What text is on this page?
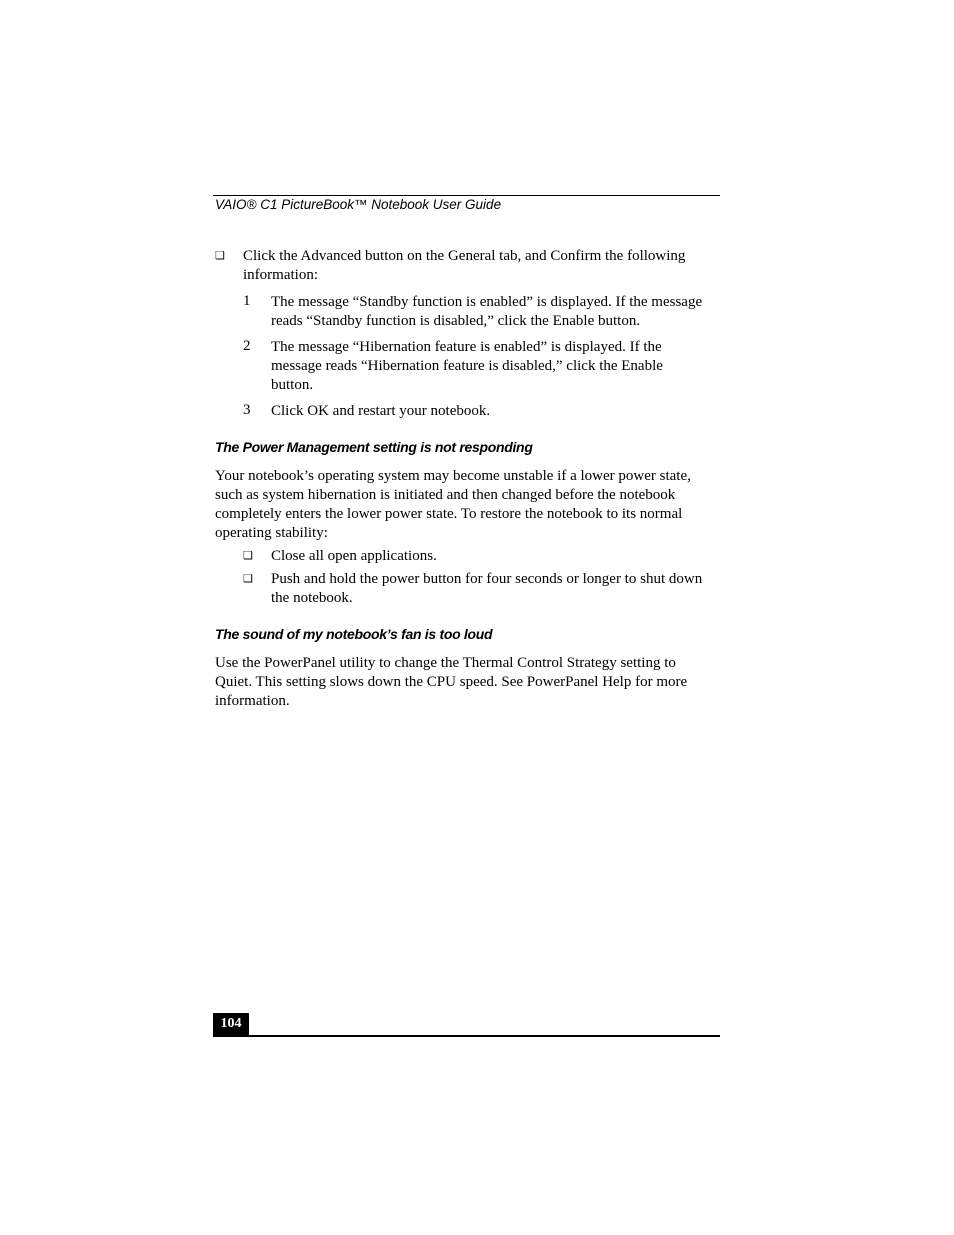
VAIO® C1 PictureBook™ Notebook User Guide
❑ Click the Advanced button on the General tab, and Confirm the following information:
1 The message “Standby function is enabled” is displayed. If the message reads “Standby function is disabled,” click the Enable button.
2 The message “Hibernation feature is enabled” is displayed. If the message reads “Hibernation feature is disabled,” click the Enable button.
3 Click OK and restart your notebook.
The Power Management setting is not responding
Your notebook’s operating system may become unstable if a lower power state, such as system hibernation is initiated and then changed before the notebook completely enters the lower power state. To restore the notebook to its normal operating stability:
❑ Close all open applications.
❑ Push and hold the power button for four seconds or longer to shut down the notebook.
The sound of my notebook’s fan is too loud
Use the PowerPanel utility to change the Thermal Control Strategy setting to Quiet. This setting slows down the CPU speed. See PowerPanel Help for more information.
104
